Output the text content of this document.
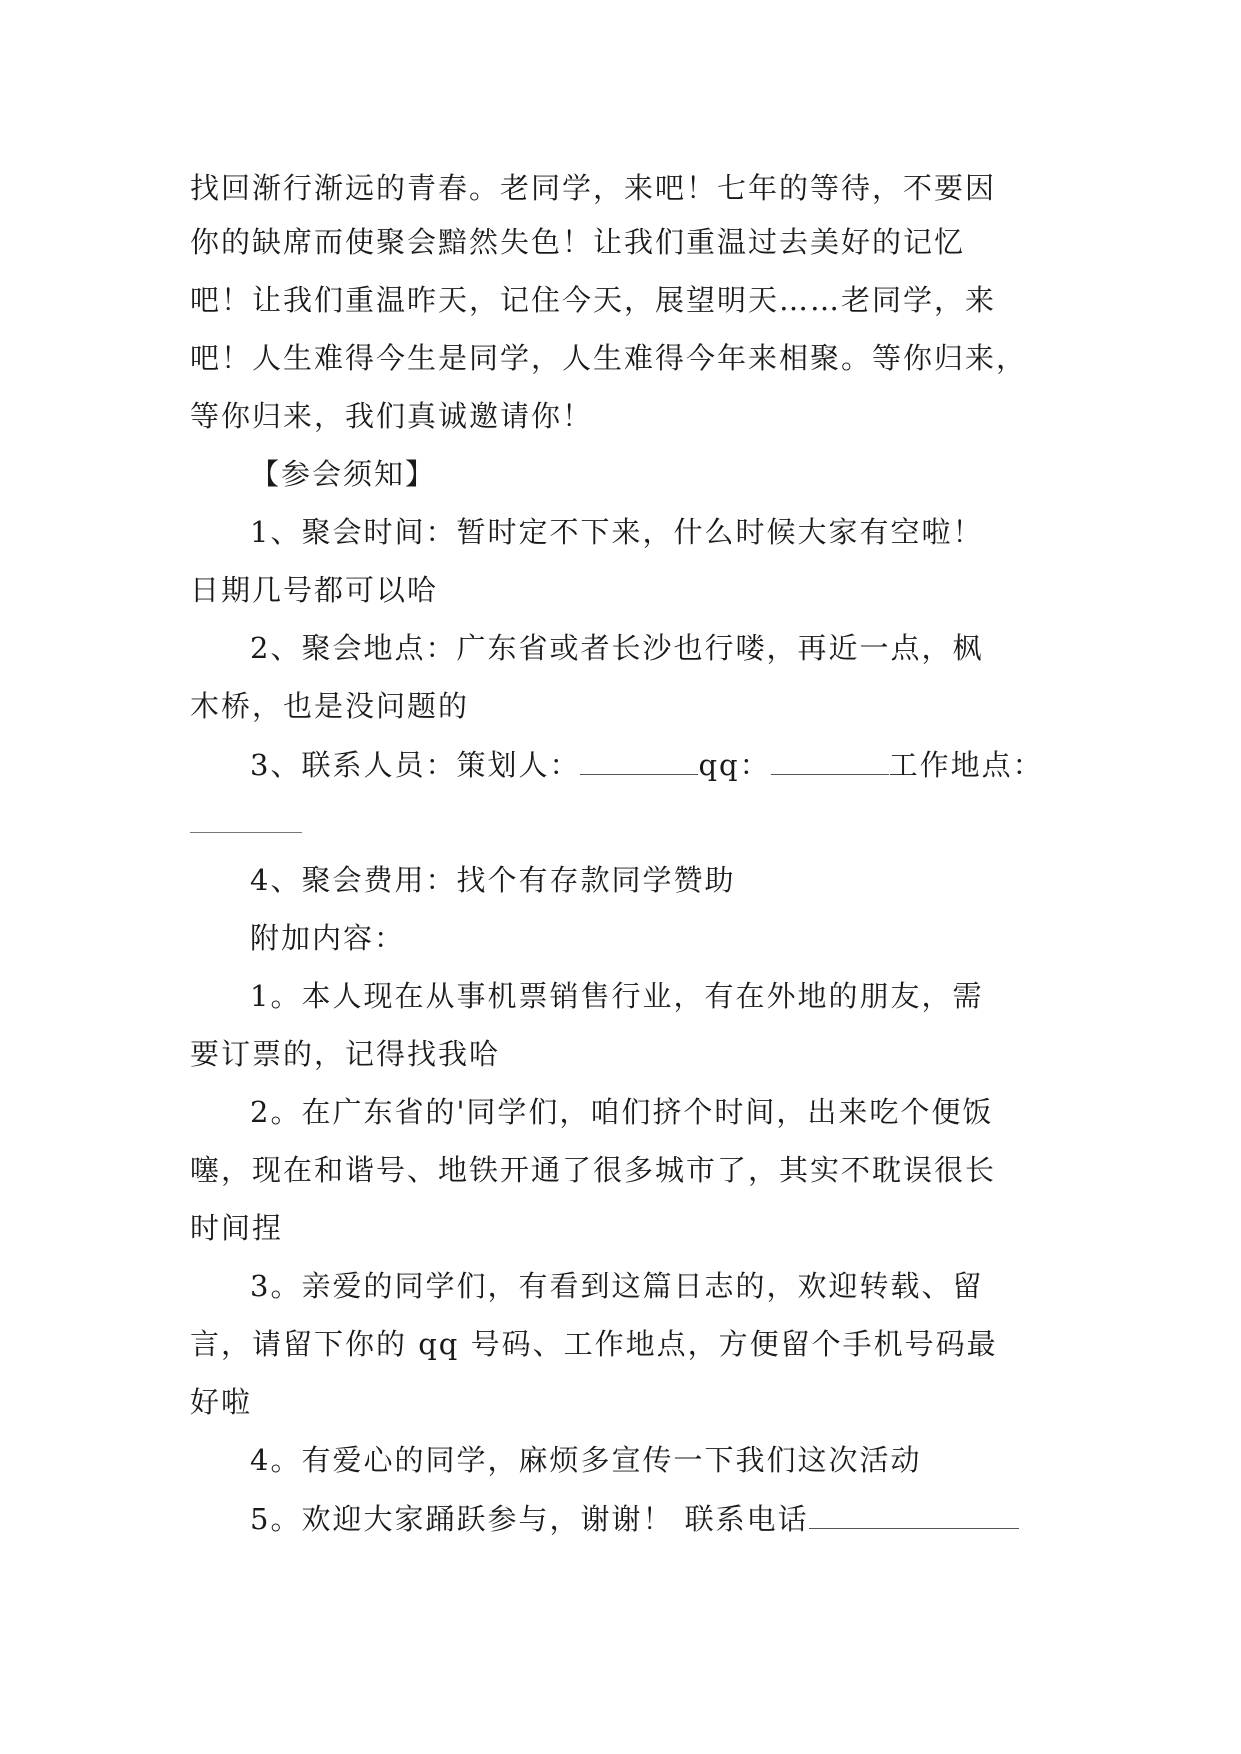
找回渐行渐远的青春。老同学，来吧！七年的等待，不要因
你的缺席而使聚会黯然失色！让我们重温过去美好的记忆
吧！让我们重温昨天，记住今天，展望明天……老同学，来
吧！人生难得今生是同学，人生难得今年来相聚。等你归来，
等你归来，我们真诚邀请你！
【参会须知】
1、聚会时间：暂时定不下来，什么时候大家有空啦！
日期几号都可以哈
2、聚会地点：广东省或者长沙也行喽，再近一点，枫
木桥，也是没问题的
3、联系人员：策划人：	qq：	工作地点：
4、聚会费用：找个有存款同学赞助
附加内容：
1。本人现在从事机票销售行业，有在外地的朋友，需
要订票的，记得找我哈
2。在广东省的'同学们，咱们挤个时间，出来吃个便饭
噻，现在和谐号、地铁开通了很多城市了，其实不耽误很长
时间捏
3。亲爱的同学们，有看到这篇日志的，欢迎转载、留
言，请留下你的 qq 号码、工作地点，方便留个手机号码最
好啦
4。有爱心的同学，麻烦多宣传一下我们这次活动
5。欢迎大家踊跃参与，谢谢！ 联系电话
